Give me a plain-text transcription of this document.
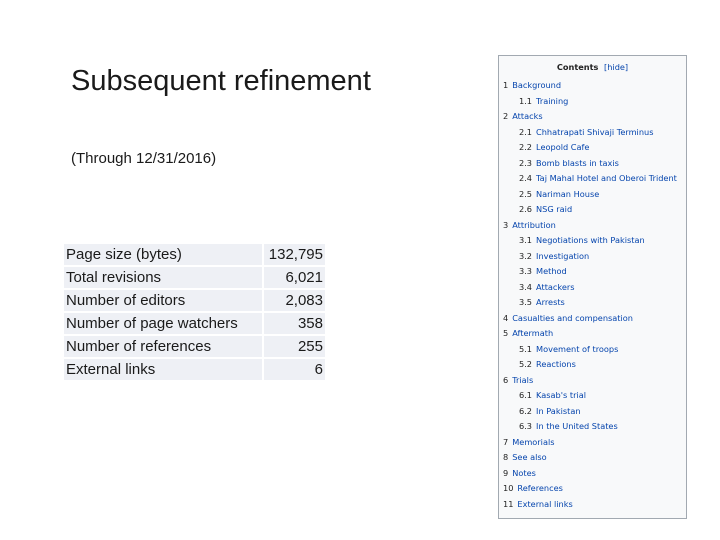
Subsequent refinement
(Through 12/31/2016)
Page size (bytes)	132,795
Total revisions	6,021
Number of editors	2,083
Number of page watchers	358
Number of references	255
External links	6
Contents [hide]
1 Background
1.1 Training
2 Attacks
2.1 Chhatrapati Shivaji Terminus
2.2 Leopold Cafe
2.3 Bomb blasts in taxis
2.4 Taj Mahal Hotel and Oberoi Trident
2.5 Nariman House
2.6 NSG raid
3 Attribution
3.1 Negotiations with Pakistan
3.2 Investigation
3.3 Method
3.4 Attackers
3.5 Arrests
4 Casualties and compensation
5 Aftermath
5.1 Movement of troops
5.2 Reactions
6 Trials
6.1 Kasab's trial
6.2 In Pakistan
6.3 In the United States
7 Memorials
8 See also
9 Notes
10 References
11 External links
